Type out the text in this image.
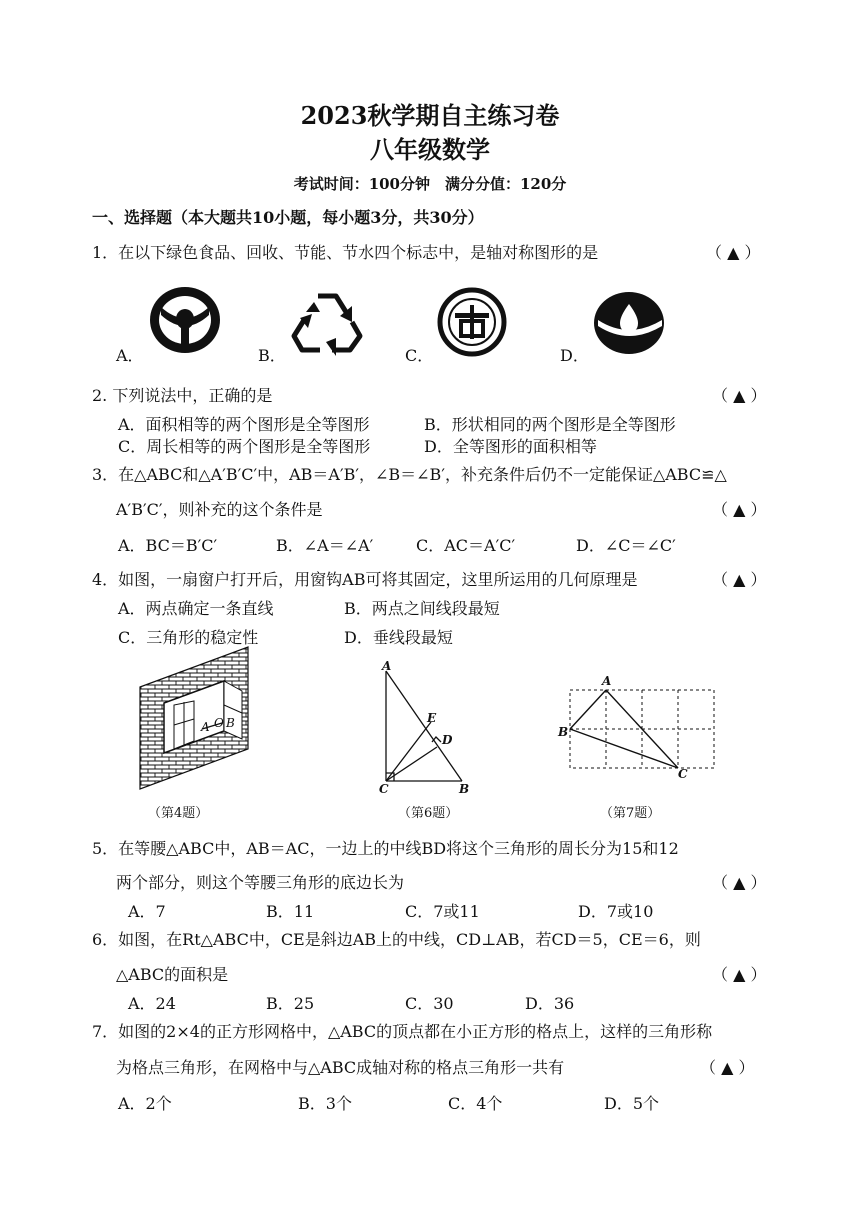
2023秋学期自主练习卷
八年级数学
考试时间：100分钟　满分分值：120分
一、选择题（本大题共10小题，每小题3分，共30分）
1．在以下绿色食品、回收、节能、节水四个标志中，是轴对称图形的是	（ ▲ ）
A．	B．	C．	D．
2. 下列说法中，正确的是	（ ▲ ）
A．面积相等的两个图形是全等图形	B．形状相同的两个图形是全等图形
C．周长相等的两个图形是全等图形	D．全等图形的面积相等
3．在△ABC和△A′B′C′中，AB＝A′B′，∠B＝∠B′，补充条件后仍不一定能保证△ABC≌△
A′B′C′，则补充的这个条件是	（ ▲ ）
A．BC＝B′C′	B．∠A＝∠A′	C．AC＝A′C′	D．∠C＝∠C′
4．如图，一扇窗户打开后，用窗钩AB可将其固定，这里所运用的几何原理是	（ ▲ ）
A．两点确定一条直线	B．两点之间线段最短
C．三角形的稳定性	D．垂线段最短
A O B
（第4题）
A
E
D
C	B
（第6题）
A
B
C
（第7题）
5．在等腰△ABC中，AB＝AC，一边上的中线BD将这个三角形的周长分为15和12
两个部分，则这个等腰三角形的底边长为	（ ▲ ）
A．7	B．11	C．7或11	D．7或10
6．如图，在Rt△ABC中，CE是斜边AB上的中线，CD⊥AB，若CD＝5，CE＝6，则
△ABC的面积是	（ ▲ ）
A．24	B．25	C．30	D．36
7．如图的2×4的正方形网格中，△ABC的顶点都在小正方形的格点上，这样的三角形称
为格点三角形，在网格中与△ABC成轴对称的格点三角形一共有	（ ▲ ）
A．2个	B．3个	C．4个	D．5个
